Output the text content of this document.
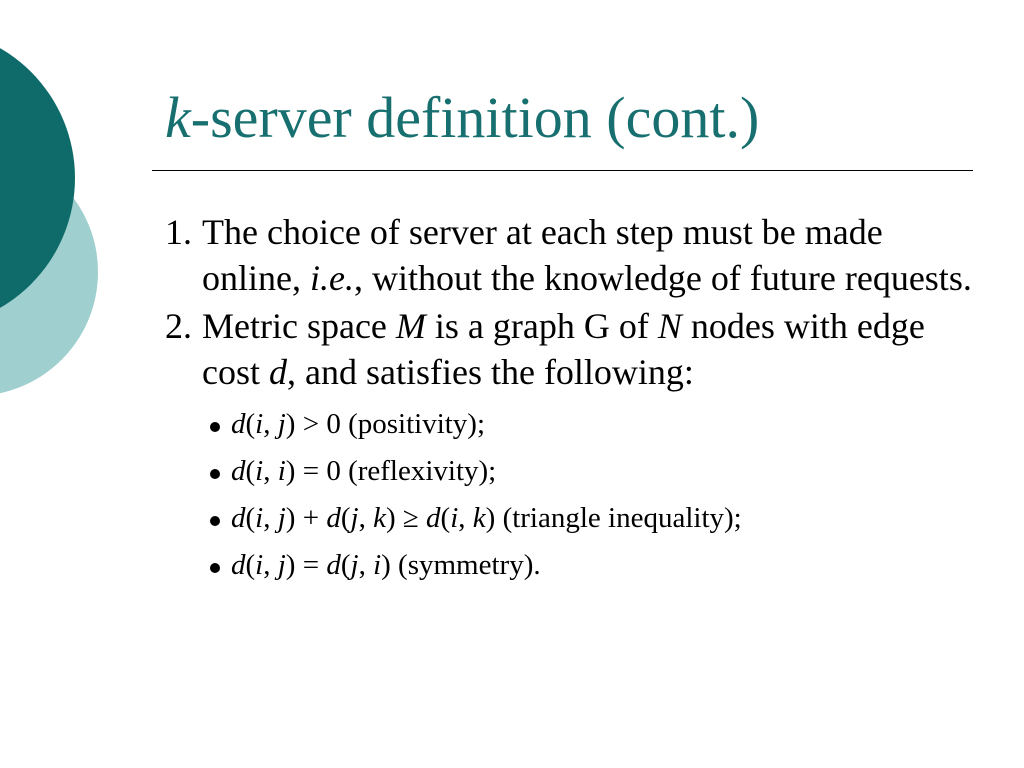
k-server definition (cont.)
1. The choice of server at each step must be made online, i.e., without the knowledge of future requests.
2. Metric space M is a graph G of N nodes with edge cost d, and satisfies the following:
d(i, j) > 0 (positivity);
d(i, i) = 0 (reflexivity);
d(i, j) + d(j, k) ≥ d(i, k) (triangle inequality);
d(i, j) = d(j, i) (symmetry).
